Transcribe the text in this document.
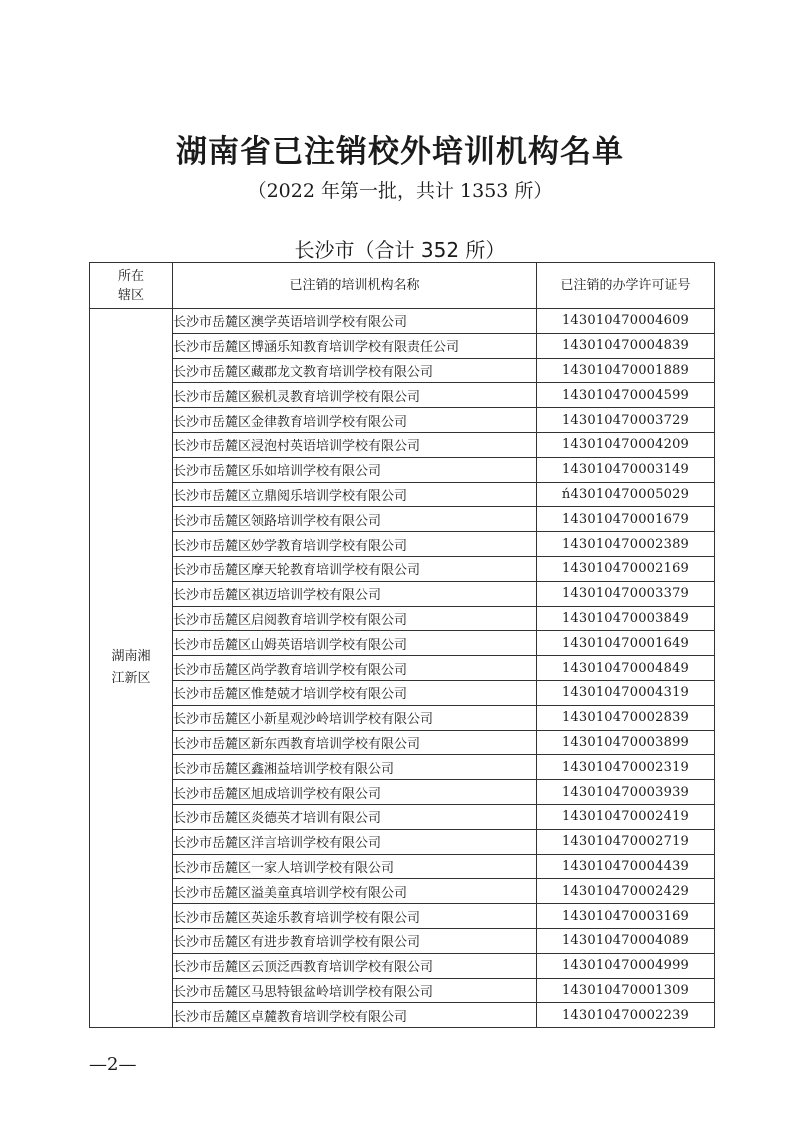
湖南省已注销校外培训机构名单
（2022 年第一批，共计 1353 所）
长沙市（合计 352 所）
所在
辖区	已注销的培训机构名称	已注销的办学许可证号
湖南湘
江新区	长沙市岳麓区澳学英语培训学校有限公司	143010470004609
	长沙市岳麓区博涵乐知教育培训学校有限责任公司	143010470004839
	长沙市岳麓区藏郡龙文教育培训学校有限公司	143010470001889
	长沙市岳麓区猴机灵教育培训学校有限公司	143010470004599
	长沙市岳麓区金律教育培训学校有限公司	143010470003729
	长沙市岳麓区浸泡村英语培训学校有限公司	143010470004209
	长沙市岳麓区乐如培训学校有限公司	143010470003149
	长沙市岳麓区立鼎阅乐培训学校有限公司	ń43010470005029
	长沙市岳麓区领路培训学校有限公司	143010470001679
	长沙市岳麓区妙学教育培训学校有限公司	143010470002389
	长沙市岳麓区摩天轮教育培训学校有限公司	143010470002169
	长沙市岳麓区祺迈培训学校有限公司	143010470003379
	长沙市岳麓区启阅教育培训学校有限公司	143010470003849
	长沙市岳麓区山姆英语培训学校有限公司	143010470001649
	长沙市岳麓区尚学教育培训学校有限公司	143010470004849
	长沙市岳麓区惟楚兢才培训学校有限公司	143010470004319
	长沙市岳麓区小新星观沙岭培训学校有限公司	143010470002839
	长沙市岳麓区新东西教育培训学校有限公司	143010470003899
	长沙市岳麓区鑫湘益培训学校有限公司	143010470002319
	长沙市岳麓区旭成培训学校有限公司	143010470003939
	长沙市岳麓区炎德英才培训有限公司	143010470002419
	长沙市岳麓区洋言培训学校有限公司	143010470002719
	长沙市岳麓区一家人培训学校有限公司	143010470004439
	长沙市岳麓区溢美童真培训学校有限公司	143010470002429
	长沙市岳麓区英途乐教育培训学校有限公司	143010470003169
	长沙市岳麓区有进步教育培训学校有限公司	143010470004089
	长沙市岳麓区云顶泛西教育培训学校有限公司	143010470004999
	长沙市岳麓区马思特银盆岭培训学校有限公司	143010470001309
	长沙市岳麓区卓麓教育培训学校有限公司	143010470002239
—2—
